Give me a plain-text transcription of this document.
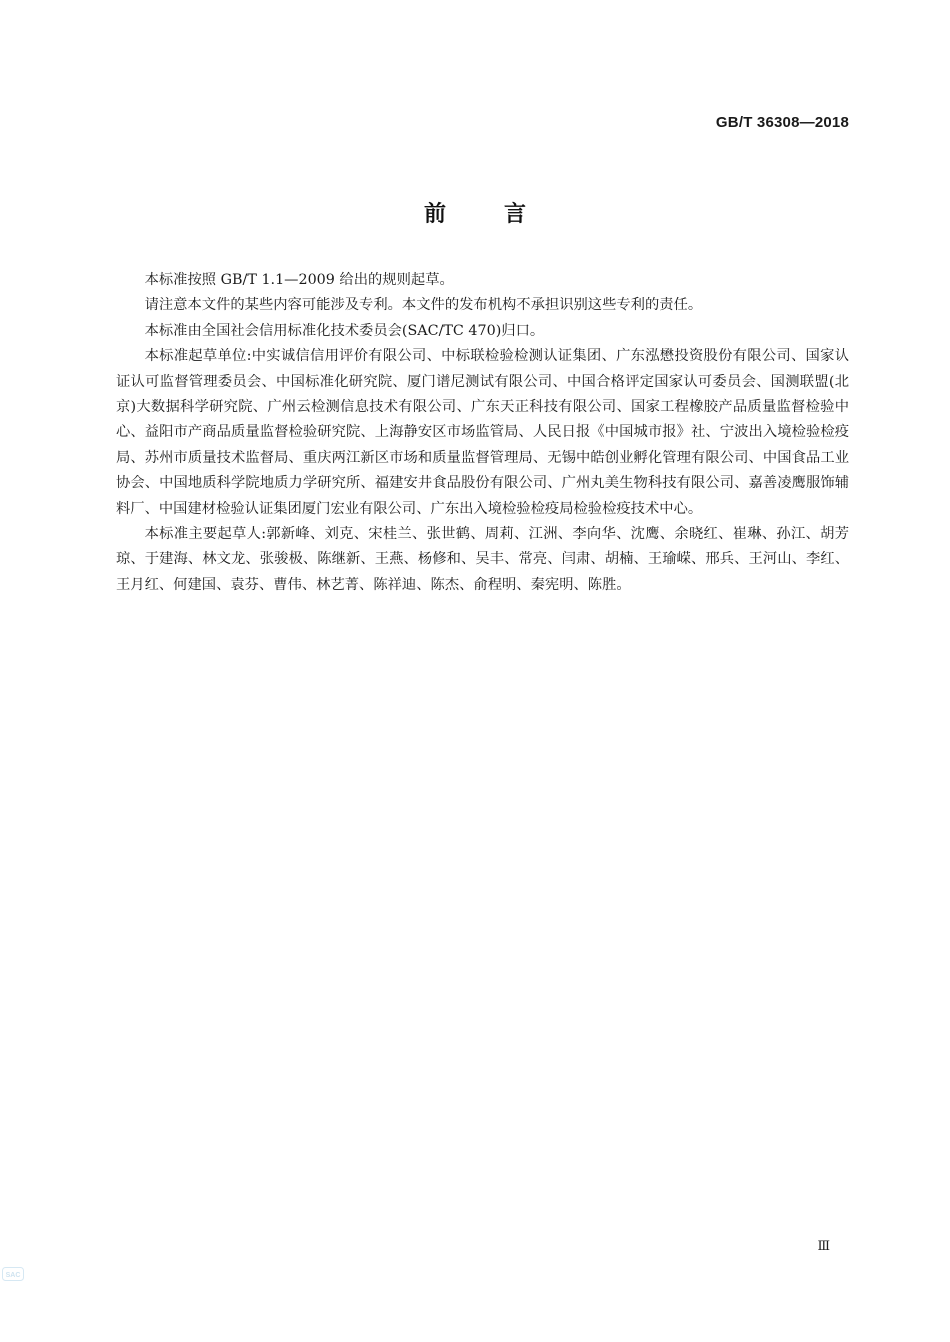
GB/T 36308—2018
前	言

本标准按照 GB/T 1.1—2009 给出的规则起草。

请注意本文件的某些内容可能涉及专利。本文件的发布机构不承担识别这些专利的责任。

本标准由全国社会信用标准化技术委员会(SAC/TC 470)归口。

本标准起草单位:中实诚信信用评价有限公司、中标联检验检测认证集团、广东泓懋投资股份有限公司、国家认证认可监督管理委员会、中国标准化研究院、厦门谱尼测试有限公司、中国合格评定国家认可委员会、国测联盟(北京)大数据科学研究院、广州云检测信息技术有限公司、广东天正科技有限公司、国家工程橡胶产品质量监督检验中心、益阳市产商品质量监督检验研究院、上海静安区市场监管局、人民日报《中国城市报》社、宁波出入境检验检疫局、苏州市质量技术监督局、重庆两江新区市场和质量监督管理局、无锡中皓创业孵化管理有限公司、中国食品工业协会、中国地质科学院地质力学研究所、福建安井食品股份有限公司、广州丸美生物科技有限公司、嘉善凌鹰服饰辅料厂、中国建材检验认证集团厦门宏业有限公司、广东出入境检验检疫局检验检疫技术中心。

本标准主要起草人:郭新峰、刘克、宋桂兰、张世鹤、周莉、江洲、李向华、沈鹰、余晓红、崔琳、孙江、胡芳琼、于建海、林文龙、张骏极、陈继新、王燕、杨修和、吴丰、常亮、闫肃、胡楠、王瑜嵘、邢兵、王河山、李红、王月红、何建国、袁芬、曹伟、林艺菁、陈祥迪、陈杰、俞程明、秦宪明、陈胜。

Ⅲ
SAC
